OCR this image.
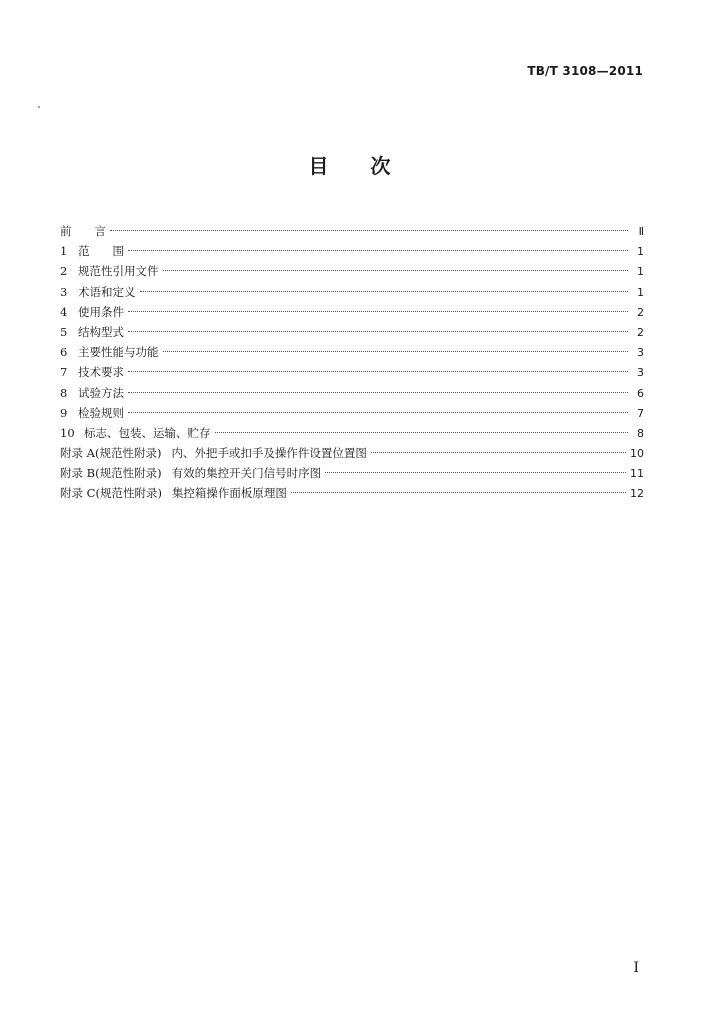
TB/T 3108—2011
目 次
前　　言	Ⅱ
1 范　　围	1
2 规范性引用文件	1
3 术语和定义	1
4 使用条件	2
5 结构型式	2
6 主要性能与功能	3
7 技术要求	3
8 试验方法	6
9 检验规则	7
10 标志、包装、运输、贮存	8
附录 A(规范性附录) 内、外把手或扣手及操作件设置位置图	10
附录 B(规范性附录) 有效的集控开关门信号时序图	11
附录 C(规范性附录) 集控箱操作面板原理图	12
I
